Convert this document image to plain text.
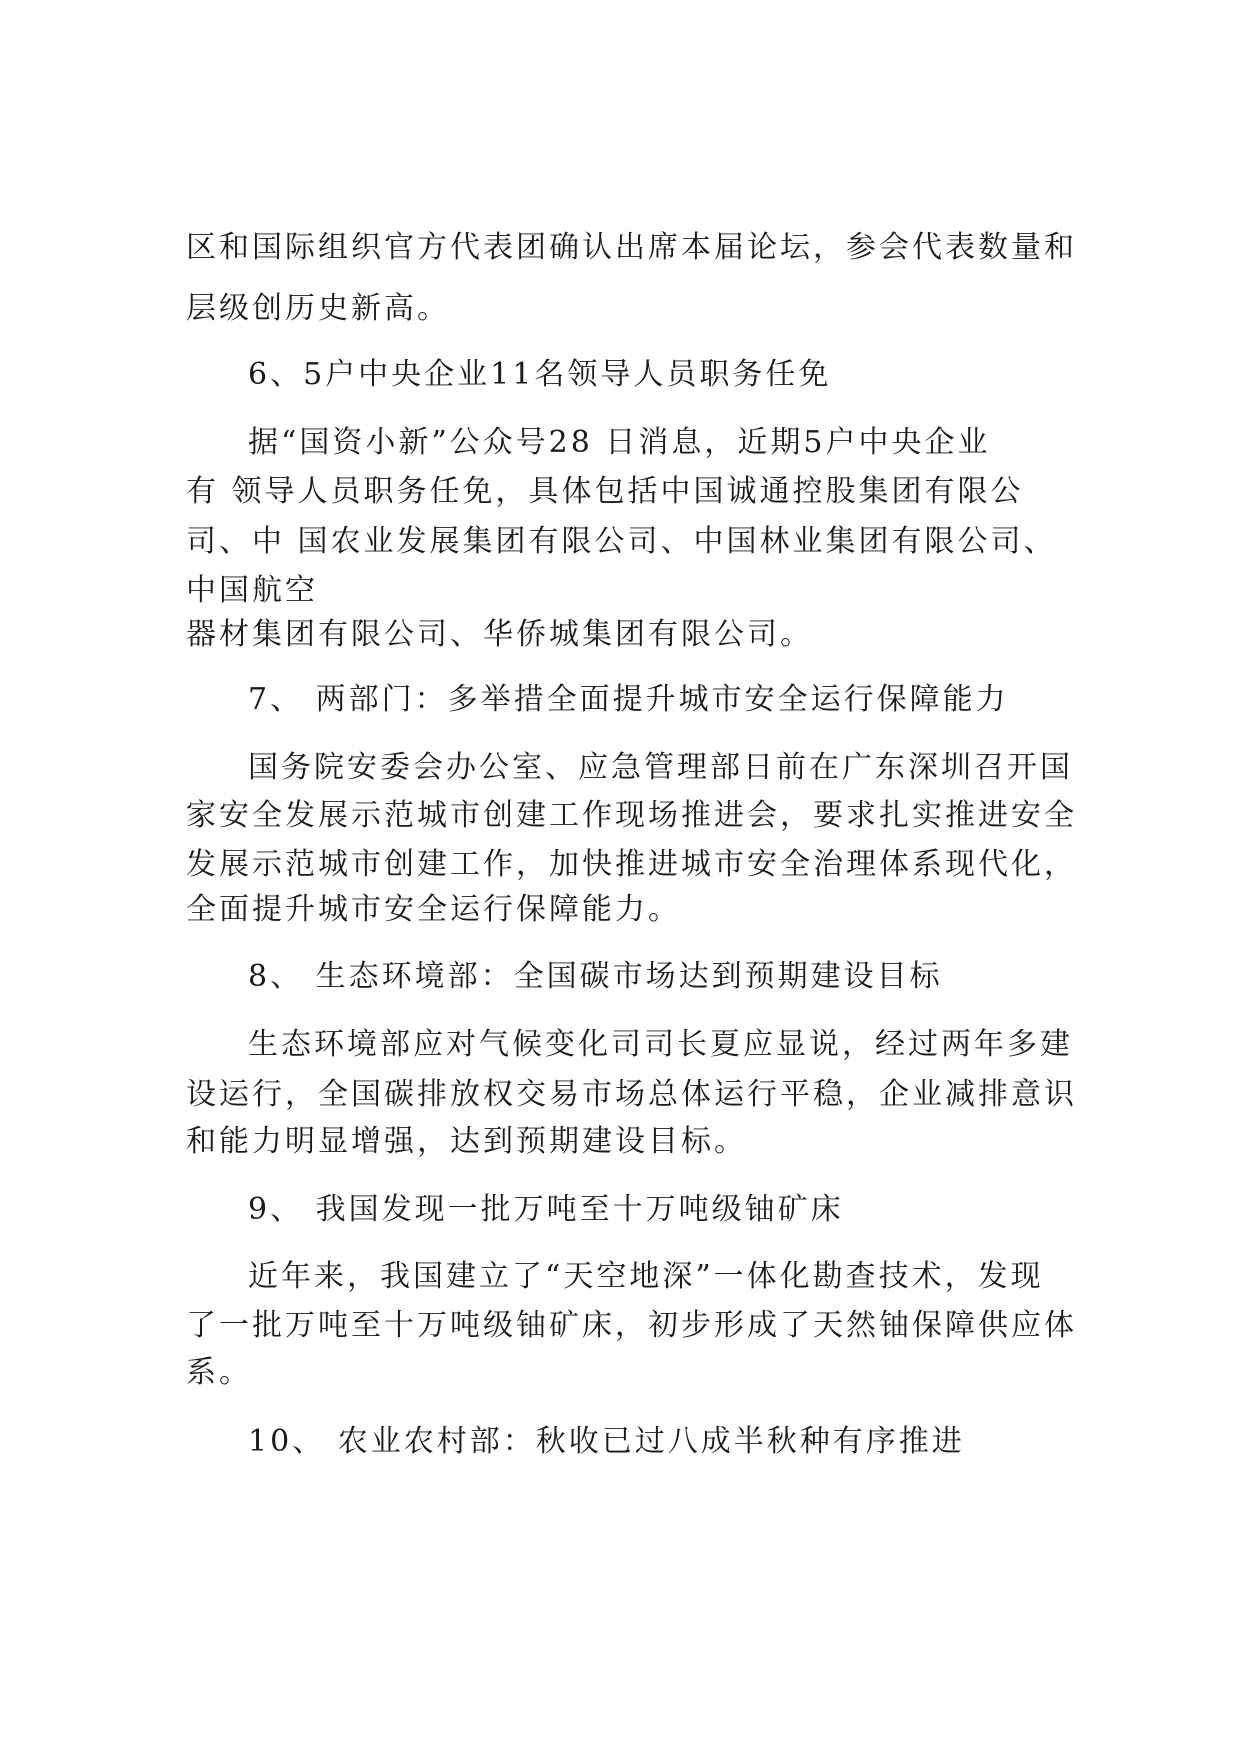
区和国际组织官方代表团确认出席本届论坛，参会代表数量和
层级创历史新高。
6、5户中央企业11名领导人员职务任免
据“国资小新”公众号28 日消息，近期5户中央企业
有 领导人员职务任免，具体包括中国诚通控股集团有限公
司、中 国农业发展集团有限公司、中国林业集团有限公司、
中国航空
器材集团有限公司、华侨城集团有限公司。
7、 两部门：多举措全面提升城市安全运行保障能力
国务院安委会办公室、应急管理部日前在广东深圳召开国
家安全发展示范城市创建工作现场推进会，要求扎实推进安全
发展示范城市创建工作，加快推进城市安全治理体系现代化，
全面提升城市安全运行保障能力。
8、 生态环境部：全国碳市场达到预期建设目标
生态环境部应对气候变化司司长夏应显说，经过两年多建
设运行，全国碳排放权交易市场总体运行平稳，企业减排意识
和能力明显增强，达到预期建设目标。
9、 我国发现一批万吨至十万吨级铀矿床
近年来，我国建立了“天空地深”一体化勘查技术，发现
了一批万吨至十万吨级铀矿床，初步形成了天然铀保障供应体
系。
10、 农业农村部：秋收已过八成半秋种有序推进
